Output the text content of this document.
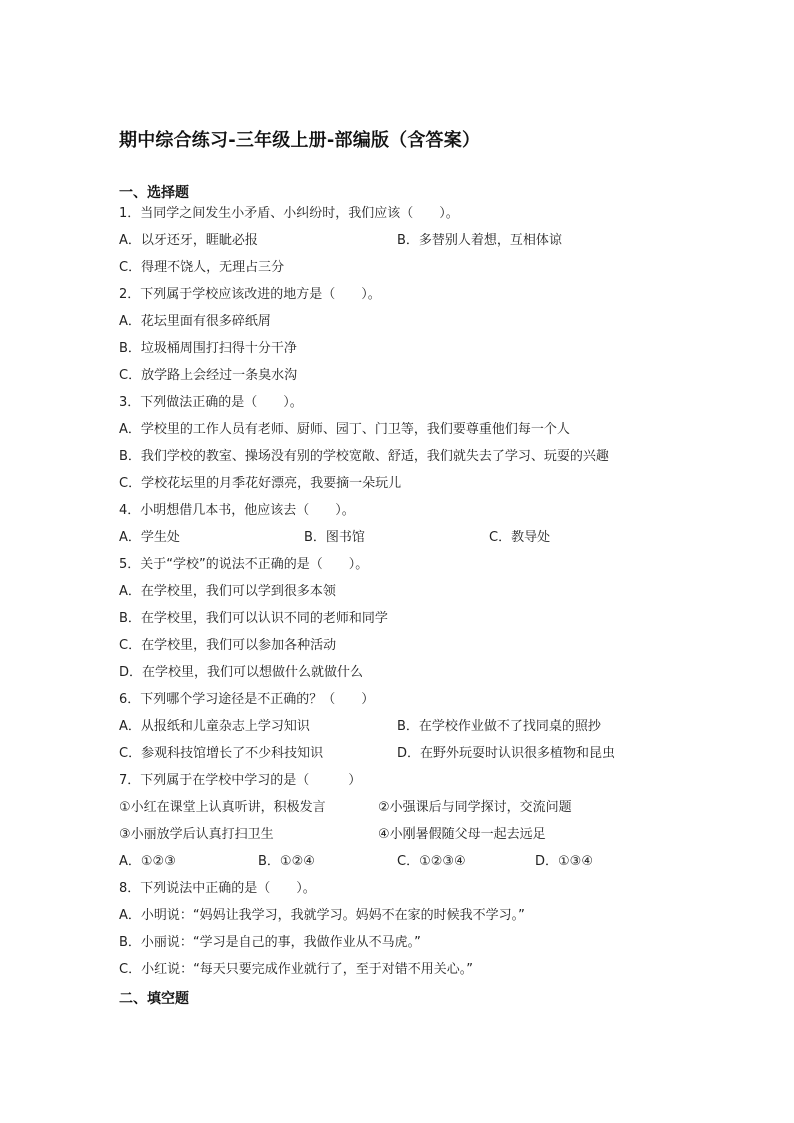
期中综合练习-三年级上册-部编版（含答案）
一、选择题
1．当同学之间发生小矛盾、小纠纷时，我们应该（　　）。
A．以牙还牙，睚眦必报	B．多替别人着想，互相体谅
C．得理不饶人，无理占三分
2．下列属于学校应该改进的地方是（　　）。
A．花坛里面有很多碎纸屑
B．垃圾桶周围打扫得十分干净
C．放学路上会经过一条臭水沟
3．下列做法正确的是（　　）。
A．学校里的工作人员有老师、厨师、园丁、门卫等，我们要尊重他们每一个人
B．我们学校的教室、操场没有别的学校宽敞、舒适，我们就失去了学习、玩耍的兴趣
C．学校花坛里的月季花好漂亮，我要摘一朵玩儿
4．小明想借几本书，他应该去（　　）。
A．学生处	B．图书馆	C．教导处
5．关于“学校”的说法不正确的是（　　）。
A．在学校里，我们可以学到很多本领
B．在学校里，我们可以认识不同的老师和同学
C．在学校里，我们可以参加各种活动
D．在学校里，我们可以想做什么就做什么
6．下列哪个学习途径是不正确的？（　　）
A．从报纸和儿童杂志上学习知识	B．在学校作业做不了找同桌的照抄
C．参观科技馆增长了不少科技知识	D．在野外玩耍时认识很多植物和昆虫
7．下列属于在学校中学习的是（　　　）
①小红在课堂上认真听讲，积极发言	②小强课后与同学探讨，交流问题
③小丽放学后认真打扫卫生	④小刚暑假随父母一起去远足
A．①②③	B．①②④	C．①②③④	D．①③④
8．下列说法中正确的是（　　）。
A．小明说：“妈妈让我学习，我就学习。妈妈不在家的时候我不学习。”
B．小丽说：“学习是自己的事，我做作业从不马虎。”
C．小红说：“每天只要完成作业就行了，至于对错不用关心。”
二、填空题
